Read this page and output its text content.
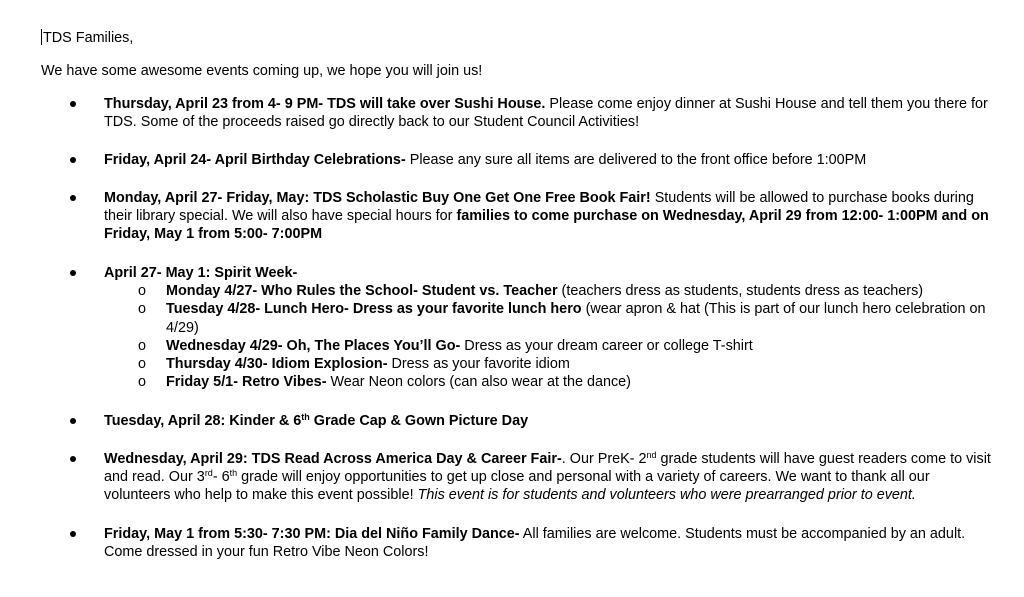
TDS Families,
We have some awesome events coming up, we hope you will join us!
Thursday, April 23 from 4- 9 PM- TDS will take over Sushi House. Please come enjoy dinner at Sushi House and tell them you there for TDS. Some of the proceeds raised go directly back to our Student Council Activities!
Friday, April 24- April Birthday Celebrations- Please any sure all items are delivered to the front office before 1:00PM
Monday, April 27- Friday, May: TDS Scholastic Buy One Get One Free Book Fair! Students will be allowed to purchase books during their library special. We will also have special hours for families to come purchase on Wednesday, April 29 from 12:00- 1:00PM and on Friday, May 1 from 5:00- 7:00PM
April 27- May 1: Spirit Week-
o Monday 4/27- Who Rules the School- Student vs. Teacher (teachers dress as students, students dress as teachers)
o Tuesday 4/28- Lunch Hero- Dress as your favorite lunch hero (wear apron & hat (This is part of our lunch hero celebration on 4/29)
o Wednesday 4/29- Oh, The Places You’ll Go- Dress as your dream career or college T-shirt
o Thursday 4/30- Idiom Explosion- Dress as your favorite idiom
o Friday 5/1- Retro Vibes- Wear Neon colors (can also wear at the dance)
Tuesday, April 28: Kinder & 6th Grade Cap & Gown Picture Day
Wednesday, April 29: TDS Read Across America Day & Career Fair-. Our PreK- 2nd grade students will have guest readers come to visit and read. Our 3rd- 6th grade will enjoy opportunities to get up close and personal with a variety of careers. We want to thank all our volunteers who help to make this event possible! This event is for students and volunteers who were prearranged prior to event.
Friday, May 1 from 5:30- 7:30 PM: Dia del Niño Family Dance- All families are welcome. Students must be accompanied by an adult. Come dressed in your fun Retro Vibe Neon Colors!
